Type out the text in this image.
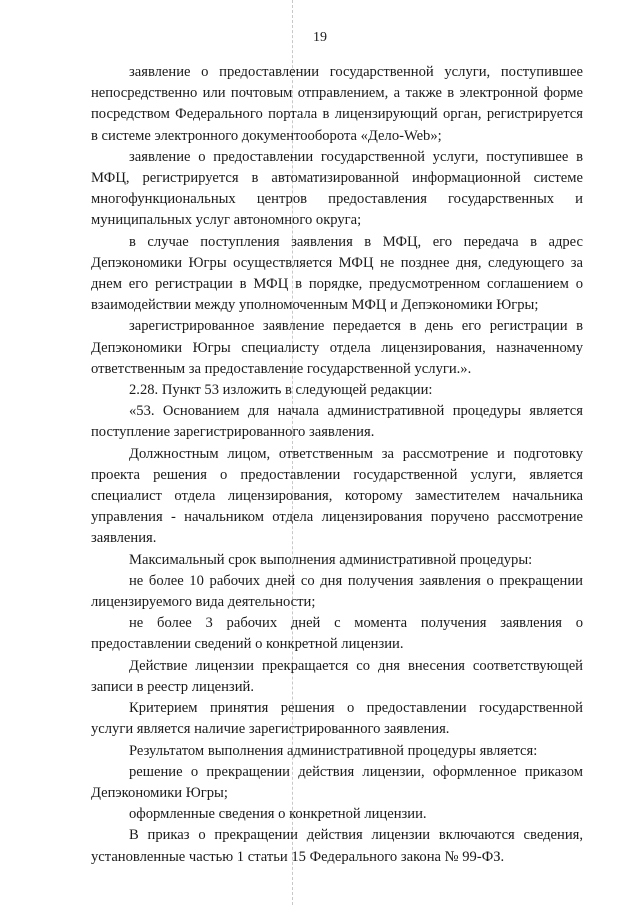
19

заявление о предоставлении государственной услуги, поступившее непосредственно или почтовым отправлением, а также в электронной форме посредством Федерального портала в лицензирующий орган, регистрируется в системе электронного документооборота «Дело-Web»;

заявление о предоставлении государственной услуги, поступившее в МФЦ, регистрируется в автоматизированной информационной системе многофункциональных центров предоставления государственных и муниципальных услуг автономного округа;

в случае поступления заявления в МФЦ, его передача в адрес Депэкономики Югры осуществляется МФЦ не позднее дня, следующего за днем его регистрации в МФЦ в порядке, предусмотренном соглашением о взаимодействии между уполномоченным МФЦ и Депэкономики Югры;

зарегистрированное заявление передается в день его регистрации в Депэкономики Югры специалисту отдела лицензирования, назначенному ответственным за предоставление государственной услуги.».

2.28. Пункт 53 изложить в следующей редакции:

«53. Основанием для начала административной процедуры является поступление зарегистрированного заявления.

Должностным лицом, ответственным за рассмотрение и подготовку проекта решения о предоставлении государственной услуги, является специалист отдела лицензирования, которому заместителем начальника управления - начальником отдела лицензирования поручено рассмотрение заявления.

Максимальный срок выполнения административной процедуры:

не более 10 рабочих дней со дня получения заявления о прекращении лицензируемого вида деятельности;

не более 3 рабочих дней с момента получения заявления о предоставлении сведений о конкретной лицензии.

Действие лицензии прекращается со дня внесения соответствующей записи в реестр лицензий.

Критерием принятия решения о предоставлении государственной услуги является наличие зарегистрированного заявления.

Результатом выполнения административной процедуры является:

решение о прекращении действия лицензии, оформленное приказом Депэкономики Югры;

оформленные сведения о конкретной лицензии.

В приказ о прекращении действия лицензии включаются сведения, установленные частью 1 статьи 15 Федерального закона № 99-ФЗ.
